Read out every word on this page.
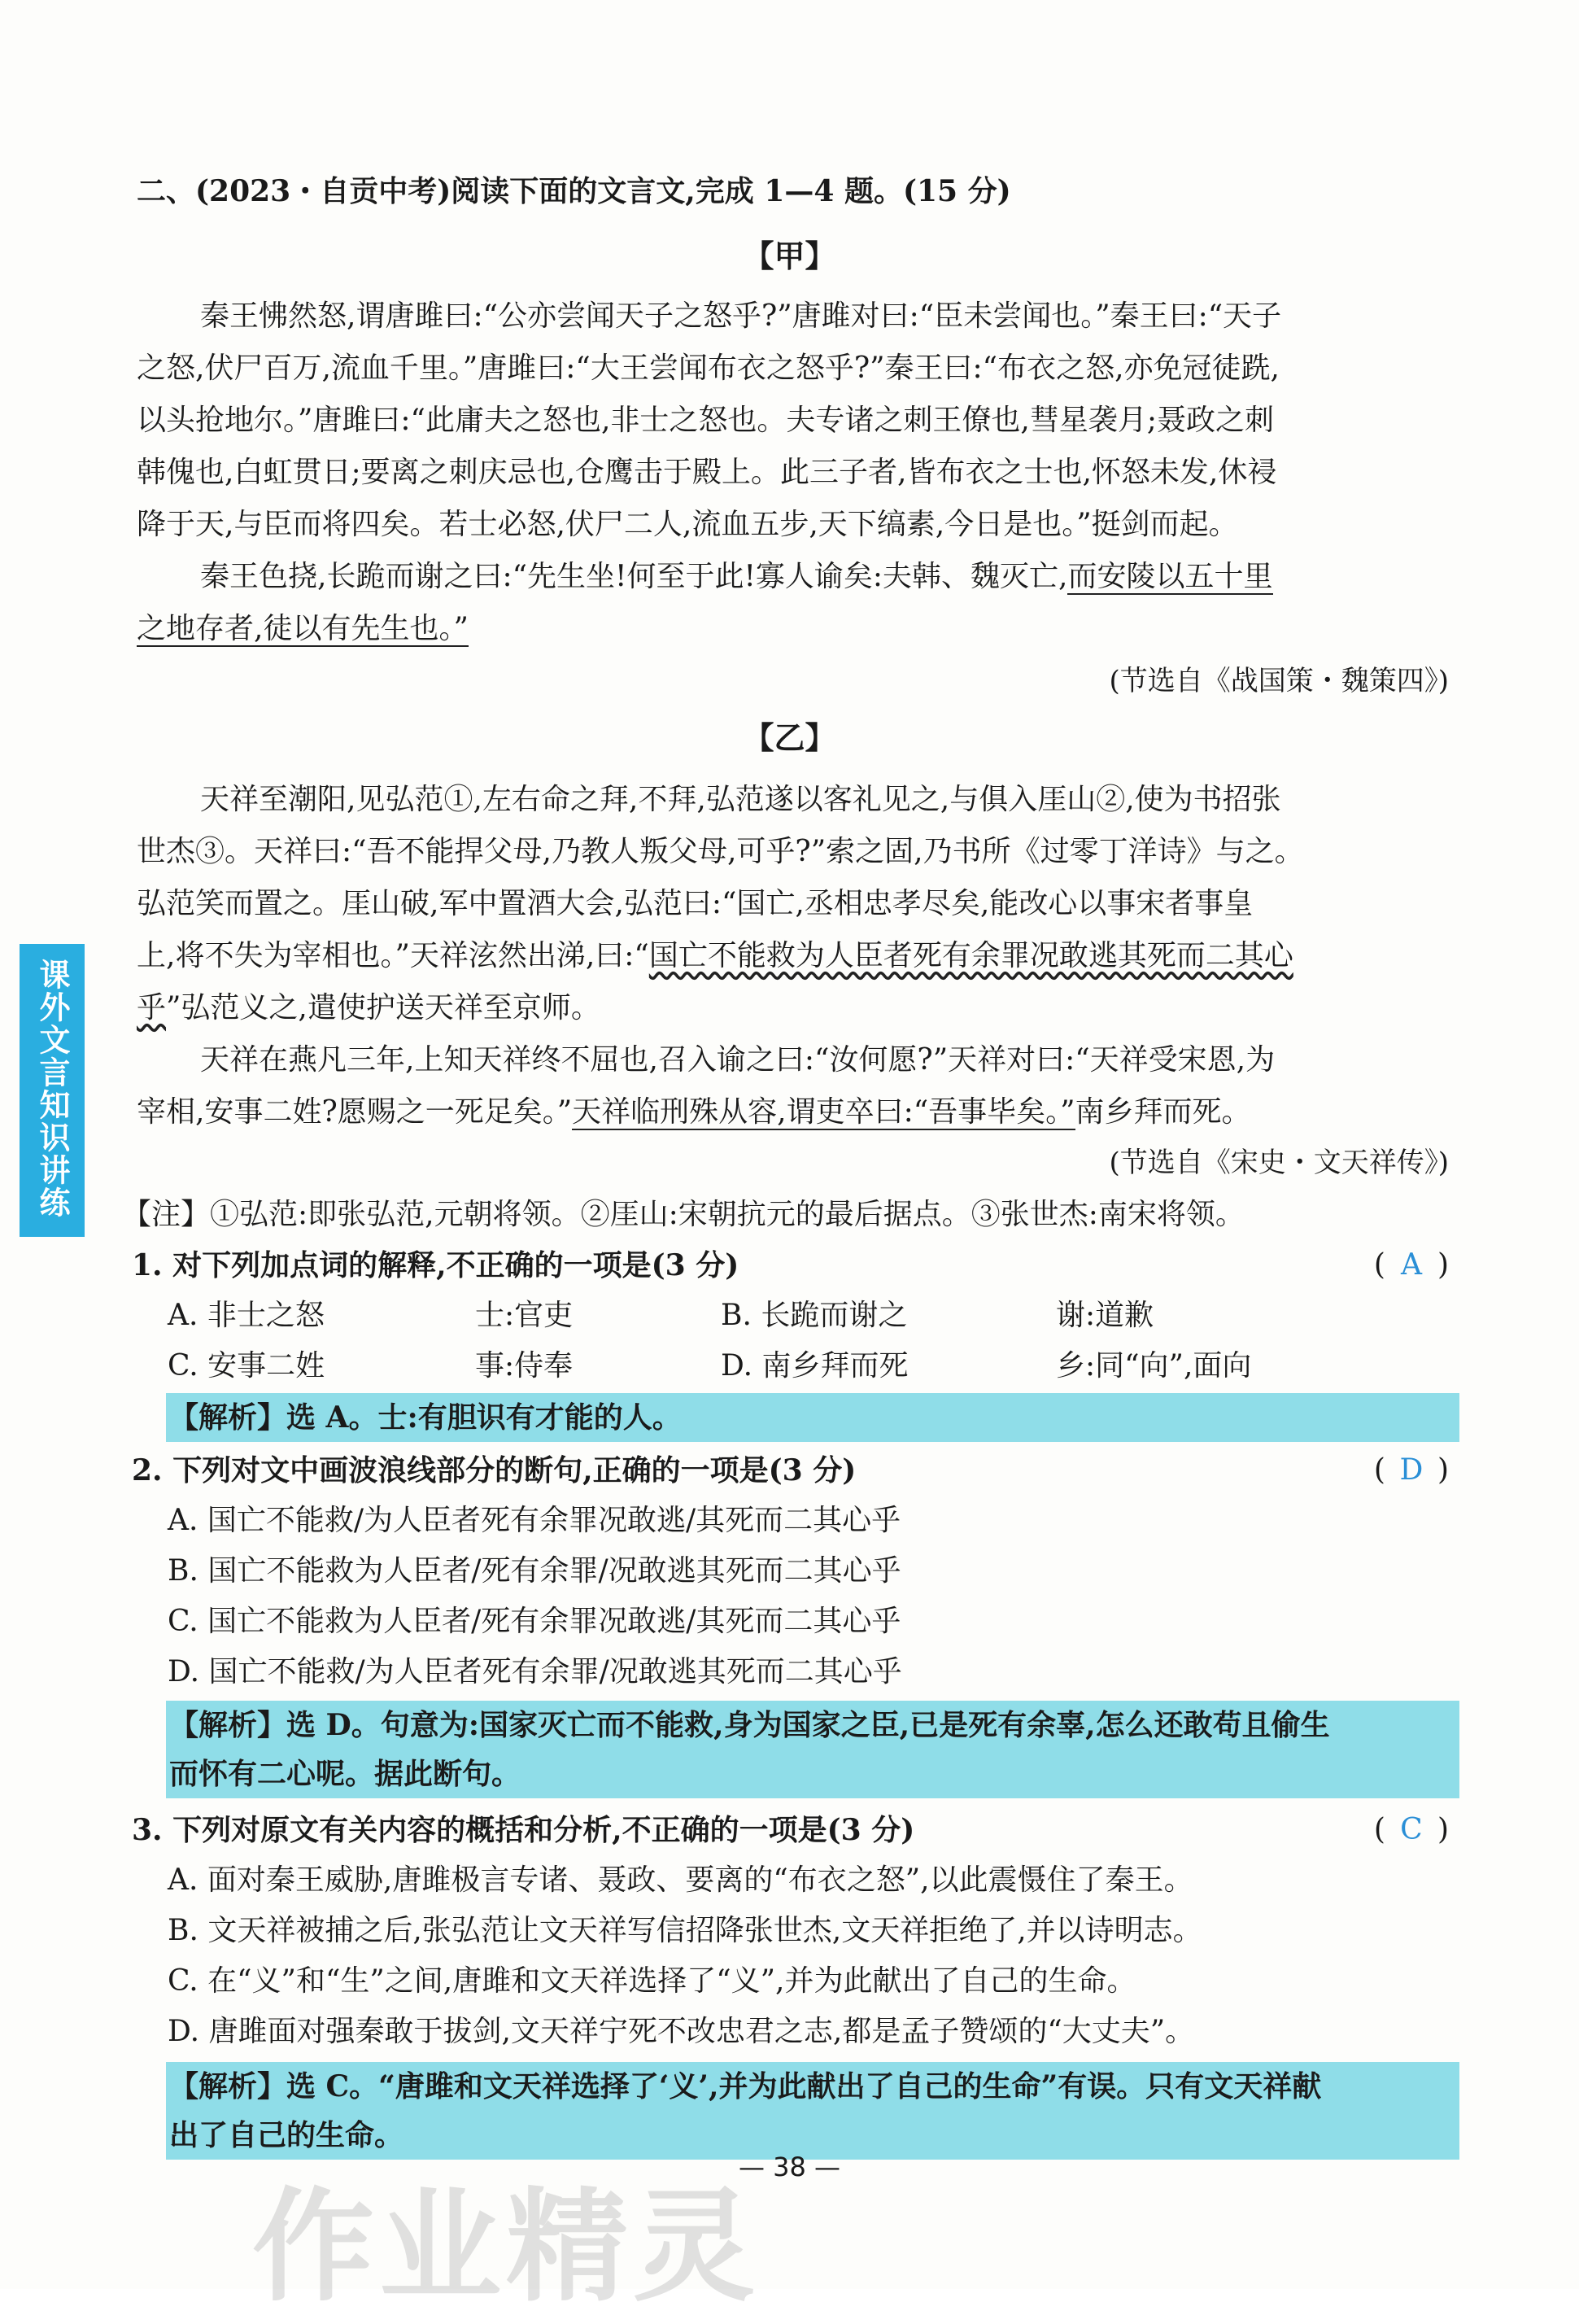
二、(2023・自贡中考)阅读下面的文言文,完成 1—4 题。(15 分)
【甲】
秦王怫然怒,谓唐雎曰:“公亦尝闻天子之怒乎?”唐雎对曰:“臣未尝闻也。”秦王曰:“天子
之怒,伏尸百万,流血千里。”唐雎曰:“大王尝闻布衣之怒乎?”秦王曰:“布衣之怒,亦免冠徒跣,
以头抢地尔。”唐雎曰:“此庸夫之怒也,非士之怒也。夫专诸之刺王僚也,彗星袭月;聂政之刺
韩傀也,白虹贯日;要离之刺庆忌也,仓鹰击于殿上。此三子者,皆布衣之士也,怀怒未发,休祲
降于天,与臣而将四矣。若士必怒,伏尸二人,流血五步,天下缟素,今日是也。”挺剑而起。
秦王色挠,长跪而谢之曰:“先生坐!何至于此!寡人谕矣:夫韩、魏灭亡,而安陵以五十里
之地存者,徒以有先生也。”
(节选自《战国策・魏策四》)
【乙】
天祥至潮阳,见弘范①,左右命之拜,不拜,弘范遂以客礼见之,与俱入厓山②,使为书招张
世杰③。天祥曰:“吾不能捍父母,乃教人叛父母,可乎?”索之固,乃书所《过零丁洋诗》与之。
弘范笑而置之。厓山破,军中置酒大会,弘范曰:“国亡,丞相忠孝尽矣,能改心以事宋者事皇
上,将不失为宰相也。”天祥泫然出涕,曰:“国亡不能救为人臣者死有余罪况敢逃其死而二其心
乎”弘范义之,遣使护送天祥至京师。
天祥在燕凡三年,上知天祥终不屈也,召入谕之曰:“汝何愿?”天祥对曰:“天祥受宋恩,为
宰相,安事二姓?愿赐之一死足矣。”天祥临刑殊从容,谓吏卒曰:“吾事毕矣。”南乡拜而死。
(节选自《宋史・文天祥传》)
课外文言知识讲练 【注】①弘范:即张弘范,元朝将领。②厓山:宋朝抗元的最后据点。③张世杰:南宋将领。
1. 对下列加点词的解释,不正确的一项是(3 分)	( A )
A. 非士之怒	士:官吏	B. 长跪而谢之	谢:道歉
C. 安事二姓	事:侍奉	D. 南乡拜而死	乡:同“向”,面向
【解析】选 A。士:有胆识有才能的人。
2. 下列对文中画波浪线部分的断句,正确的一项是(3 分)	( D )
A. 国亡不能救/为人臣者死有余罪况敢逃/其死而二其心乎
B. 国亡不能救为人臣者/死有余罪/况敢逃其死而二其心乎
C. 国亡不能救为人臣者/死有余罪况敢逃/其死而二其心乎
D. 国亡不能救/为人臣者死有余罪/况敢逃其死而二其心乎
【解析】选 D。句意为:国家灭亡而不能救,身为国家之臣,已是死有余辜,怎么还敢苟且偷生
而怀有二心呢。据此断句。
3. 下列对原文有关内容的概括和分析,不正确的一项是(3 分)	( C )
A. 面对秦王威胁,唐雎极言专诸、聂政、要离的“布衣之怒”,以此震慑住了秦王。
B. 文天祥被捕之后,张弘范让文天祥写信招降张世杰,文天祥拒绝了,并以诗明志。
C. 在“义”和“生”之间,唐雎和文天祥选择了“义”,并为此献出了自己的生命。
D. 唐雎面对强秦敢于拔剑,文天祥宁死不改忠君之志,都是孟子赞颂的“大丈夫”。
【解析】选 C。“唐雎和文天祥选择了‘义’,并为此献出了自己的生命”有误。只有文天祥献
出了自己的生命。
— 38 —
作业精灵
